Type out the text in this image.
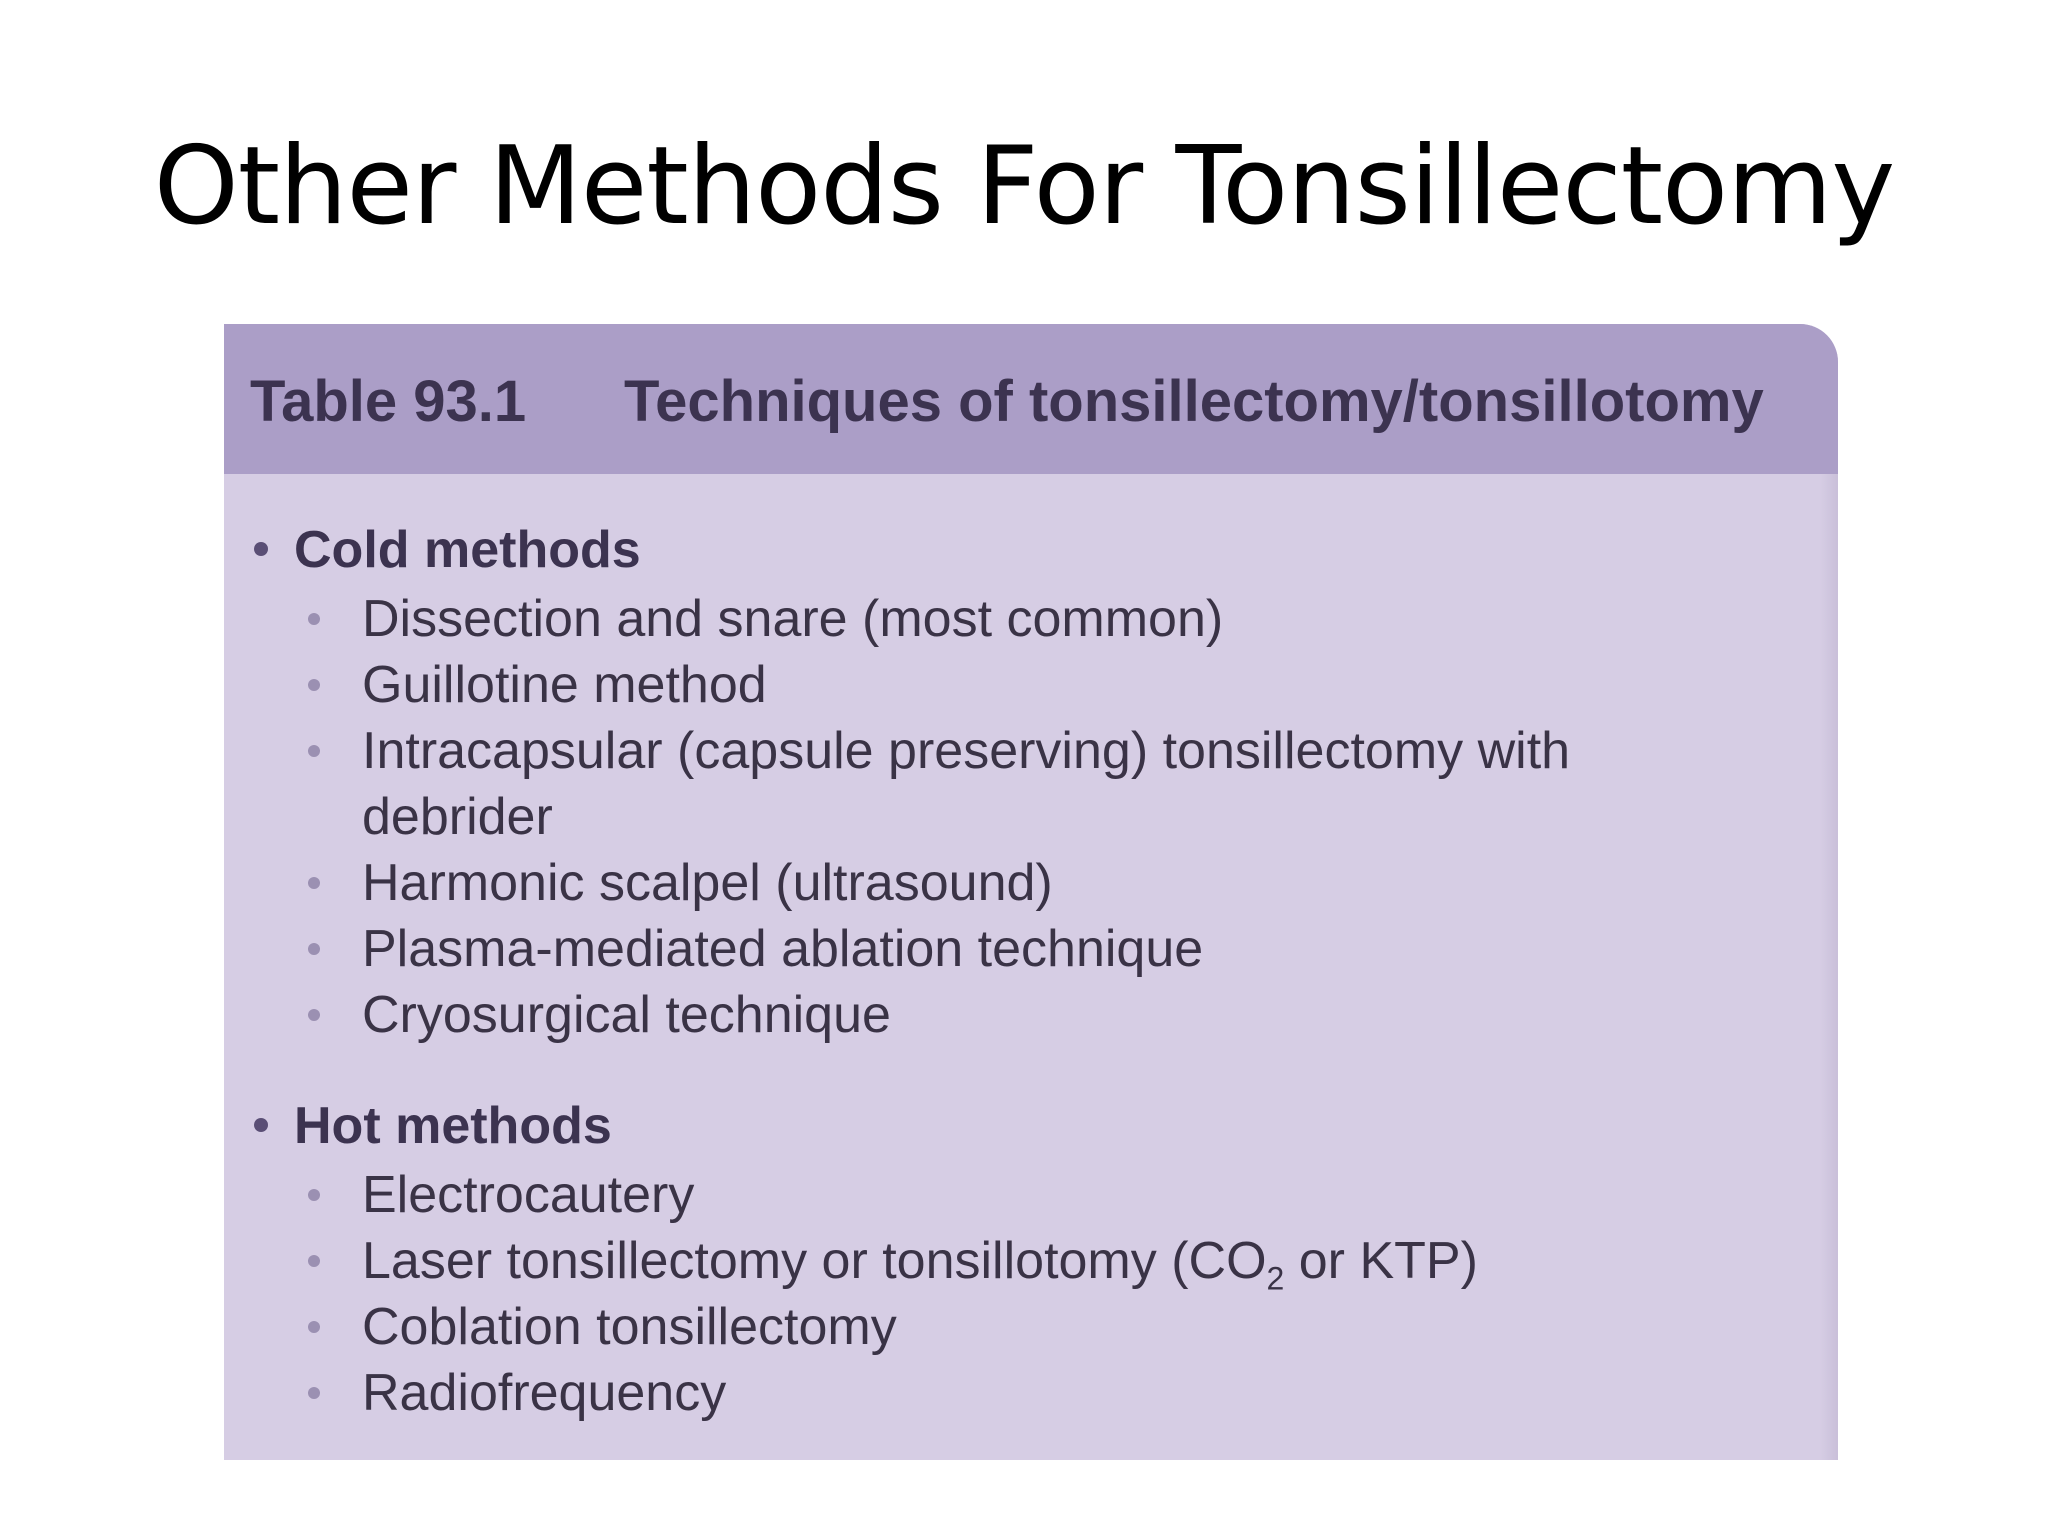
Other Methods For Tonsillectomy
Table 93.1 Techniques of tonsillectomy/tonsillotomy
Cold methods
Dissection and snare (most common)
Guillotine method
Intracapsular (capsule preserving) tonsillectomy with
debrider
Harmonic scalpel (ultrasound)
Plasma-mediated ablation technique
Cryosurgical technique
Hot methods
Electrocautery
Laser tonsillectomy or tonsillotomy ($CO_2$ or KTP)
Coblation tonsillectomy
Radiofrequency
